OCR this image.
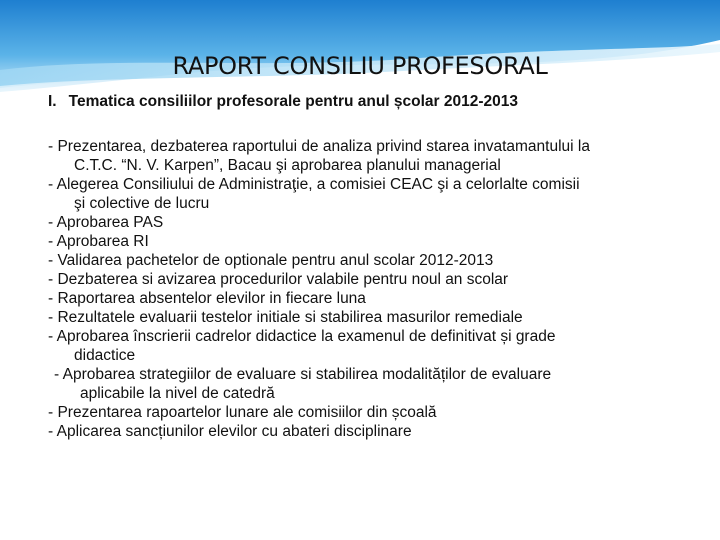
RAPORT CONSILIU PROFESORAL
I. Tematica consiliilor profesorale pentru anul școlar 2012-2013
- Prezentarea, dezbaterea raportului de analiza privind starea invatamantului la
C.T.C. “N. V. Karpen”, Bacau şi aprobarea planului managerial
- Alegerea Consiliului de Administraţie, a comisiei CEAC şi a celorlalte comisii
şi colective de lucru
- Aprobarea PAS
- Aprobarea RI
- Validarea pachetelor de optionale pentru anul scolar 2012-2013
- Dezbaterea si avizarea procedurilor valabile pentru noul an scolar
- Raportarea absentelor elevilor in fiecare luna
- Rezultatele evaluarii testelor initiale si stabilirea masurilor remediale
- Aprobarea înscrierii cadrelor didactice la examenul de definitivat și grade
didactice
- Aprobarea strategiilor de evaluare si stabilirea modalităților de evaluare
aplicabile la nivel de catedră
- Prezentarea rapoartelor lunare ale comisiilor din școală
- Aplicarea sancțiunilor elevilor cu abateri disciplinare
